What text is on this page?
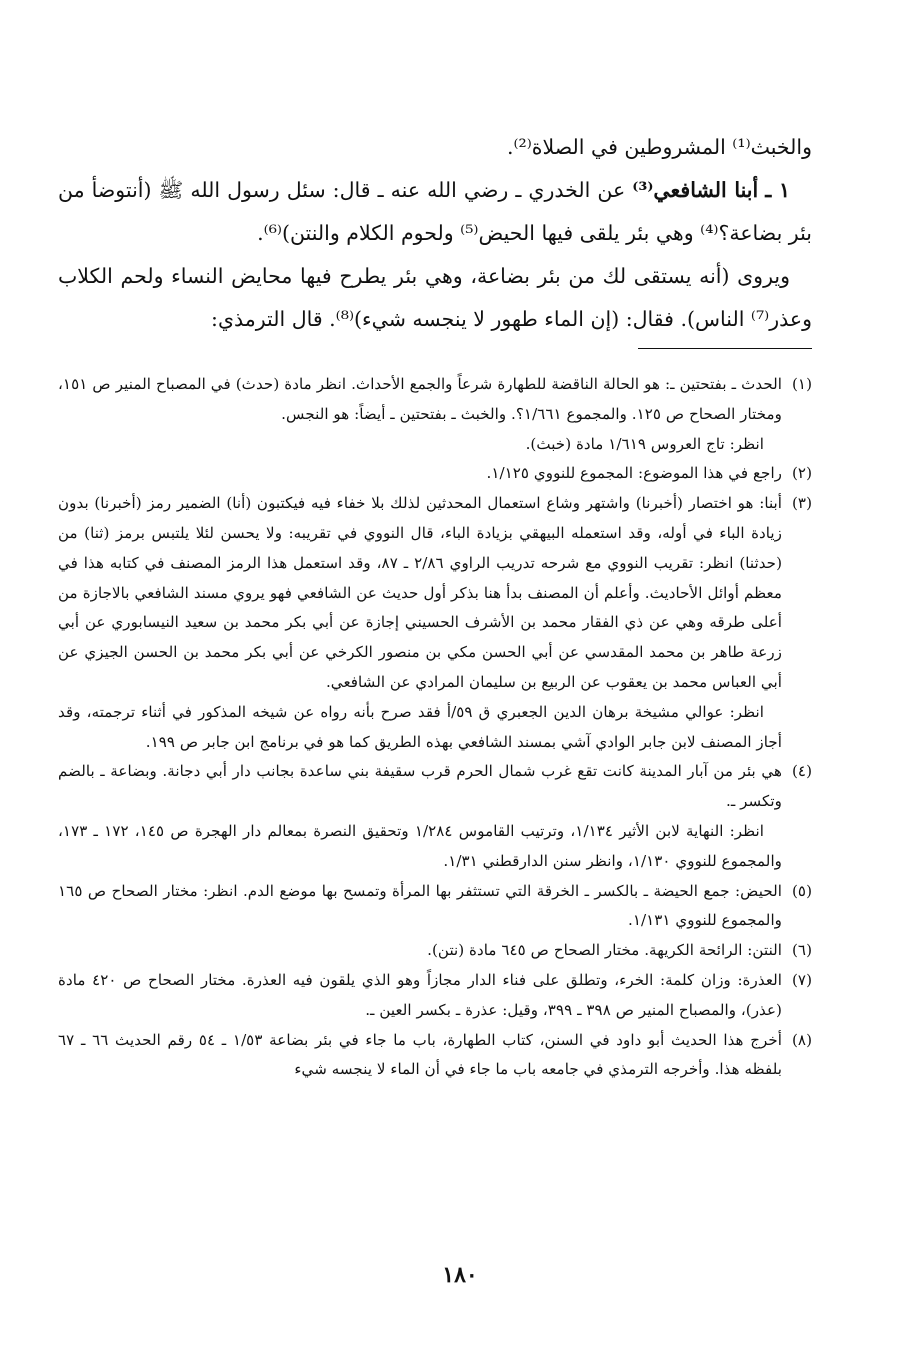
والخبث⁽¹⁾ المشروطين في الصلاة⁽²⁾.

١ ـ أبنا الشافعي⁽³⁾ عن الخدري ـ رضي الله عنه ـ قال: سئل رسول الله ﷺ (أنتوضأ من بئر بضاعة؟⁽⁴⁾ وهي بئر يلقى فيها الحيض⁽⁵⁾ ولحوم الكلام والنتن)⁽⁶⁾.

ويروى (أنه يستقى لك من بئر بضاعة، وهي بئر يطرح فيها محايض النساء ولحم الكلاب وعذر⁽⁷⁾ الناس). فقال: (إن الماء طهور لا ينجسه شيء)⁽⁸⁾. قال الترمذي:

(١)

الحدث ـ بفتحتين ـ: هو الحالة الناقضة للطهارة شرعاً والجمع الأحداث. انظر مادة (حدث) في المصباح المنير ص ١٥١، ومختار الصحاح ص ١٢٥. والمجموع ١/٦٦١؟. والخبث ـ بفتحتين ـ أيضاً: هو النجس.

انظر: تاج العروس ١/٦١٩ مادة (خبث).

(٢)

راجع في هذا الموضوع: المجموع للنووي ١/١٢٥.

(٣)

أبنا: هو اختصار (أخبرنا) واشتهر وشاع استعمال المحدثين لذلك بلا خفاء فيه فيكتبون (أنا) الضمير رمز (أخبرنا) بدون زيادة الباء في أوله، وقد استعمله البيهقي بزيادة الباء، قال النووي في تقريبه: ولا يحسن لئلا يلتبس برمز (ثنا) من (حدثنا) انظر: تقريب النووي مع شرحه تدريب الراوي ٢/٨٦ ـ ٨٧، وقد استعمل هذا الرمز المصنف في كتابه هذا في معظم أوائل الأحاديث. وأعلم أن المصنف بدأ هنا بذكر أول حديث عن الشافعي فهو يروي مسند الشافعي بالاجازة من أعلى طرقه وهي عن ذي الفقار محمد بن الأشرف الحسيني إجازة عن أبي بكر محمد بن سعيد النيسابوري عن أبي زرعة طاهر بن محمد المقدسي عن أبي الحسن مكي بن منصور الكرخي عن أبي بكر محمد بن الحسن الجيزي عن أبي العباس محمد بن يعقوب عن الربيع بن سليمان المرادي عن الشافعي.

انظر: عوالي مشيخة برهان الدين الجعبري ق ٥٩/أ فقد صرح بأنه رواه عن شيخه المذكور في أثناء ترجمته، وقد أجاز المصنف لابن جابر الوادي آشي بمسند الشافعي بهذه الطريق كما هو في برنامج ابن جابر ص ١٩٩.

(٤)

هي بئر من آبار المدينة كانت تقع غرب شمال الحرم قرب سقيفة بني ساعدة بجانب دار أبي دجانة. وبضاعة ـ بالضم وتكسر ـ.

انظر: النهاية لابن الأثير ١/١٣٤، وترتيب القاموس ١/٢٨٤ وتحقيق النصرة بمعالم دار الهجرة ص ١٤٥، ١٧٢ ـ ١٧٣، والمجموع للنووي ١/١٣٠، وانظر سنن الدارقطني ١/٣١.

(٥)

الحيض: جمع الحيضة ـ بالكسر ـ الخرقة التي تستثفر بها المرأة وتمسح بها موضع الدم. انظر: مختار الصحاح ص ١٦٥ والمجموع للنووي ١/١٣١.

(٦)

النتن: الرائحة الكريهة. مختار الصحاح ص ٦٤٥ مادة (نتن).

(٧)

العذرة: وزان كلمة: الخرء، وتطلق على فناء الدار مجازاً وهو الذي يلقون فيه العذرة. مختار الصحاح ص ٤٢٠ مادة (عذر)، والمصباح المنير ص ٣٩٨ ـ ٣٩٩، وقيل: عذرة ـ بكسر العين ـ.

(٨)

أخرج هذا الحديث أبو داود في السنن، كتاب الطهارة، باب ما جاء في بئر بضاعة ١/٥٣ ـ ٥٤ رقم الحديث ٦٦ ـ ٦٧ بلفظه هذا. وأخرجه الترمذي في جامعه باب ما جاء في أن الماء لا ينجسه شيء

١٨٠
